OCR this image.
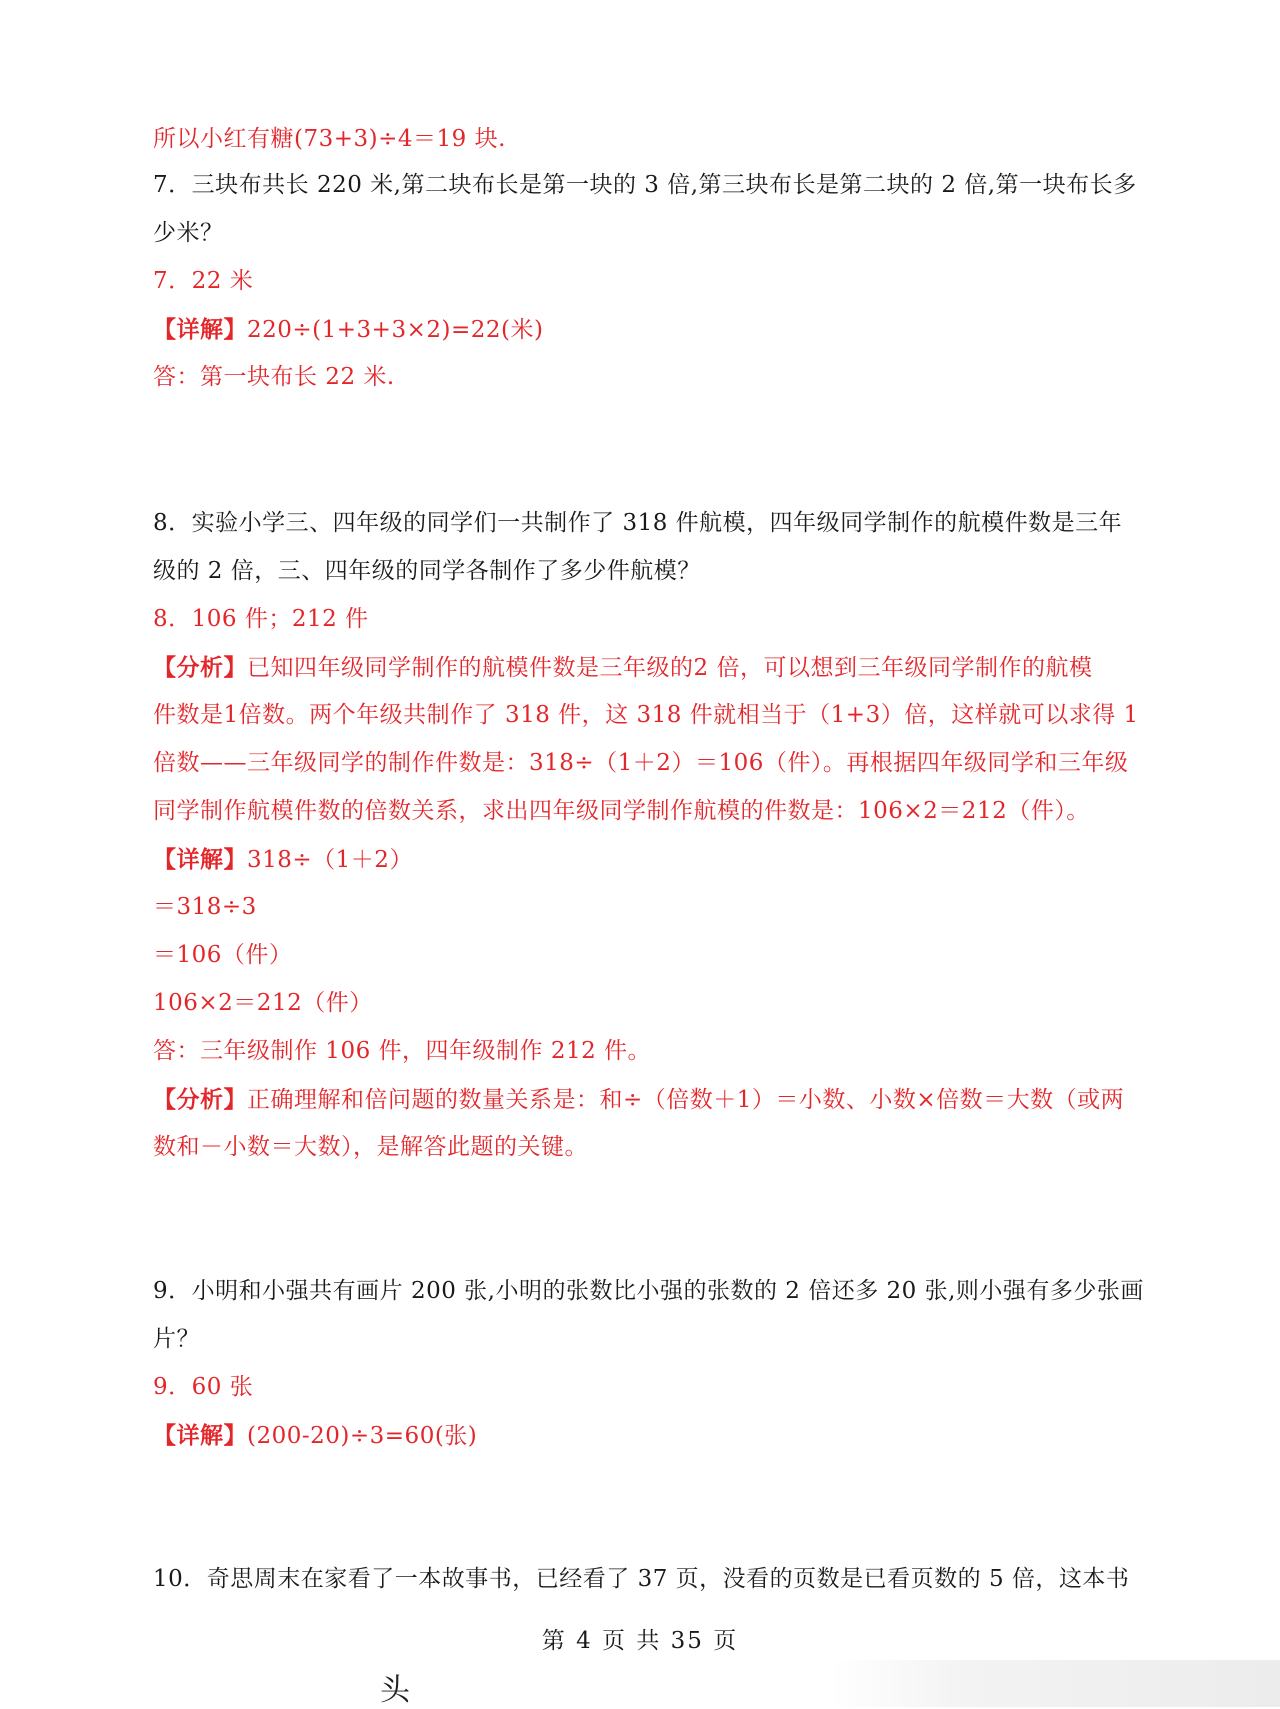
所以小红有糖(73+3)÷4＝19 块.
7．三块布共长 220 米,第二块布长是第一块的 3 倍,第三块布长是第二块的 2 倍,第一块布长多
少米？
7．22 米
【详解】220÷(1+3+3×2)=22(米)
答：第一块布长 22 米.
8．实验小学三、四年级的同学们一共制作了 318 件航模，四年级同学制作的航模件数是三年
级的 2 倍，三、四年级的同学各制作了多少件航模？
8．106 件；212 件
【分析】已知四年级同学制作的航模件数是三年级的2 倍，可以想到三年级同学制作的航模
件数是1倍数。两个年级共制作了 318 件，这 318 件就相当于（1+3）倍，这样就可以求得 1
倍数——三年级同学的制作件数是：318÷（1＋2）＝106（件）。再根据四年级同学和三年级
同学制作航模件数的倍数关系，求出四年级同学制作航模的件数是：106×2＝212（件）。
【详解】318÷（1＋2）
＝318÷3
＝106（件）
106×2＝212（件）
答：三年级制作 106 件，四年级制作 212 件。
【分析】正确理解和倍问题的数量关系是：和÷（倍数＋1）＝小数、小数×倍数＝大数（或两
数和－小数＝大数），是解答此题的关键。
9．小明和小强共有画片 200 张,小明的张数比小强的张数的 2 倍还多 20 张,则小强有多少张画
片？
9．60 张
【详解】(200-20)÷3=60(张)
10．奇思周末在家看了一本故事书，已经看了 37 页，没看的页数是已看页数的 5 倍，这本书
第 4 页 共 35 页
头
